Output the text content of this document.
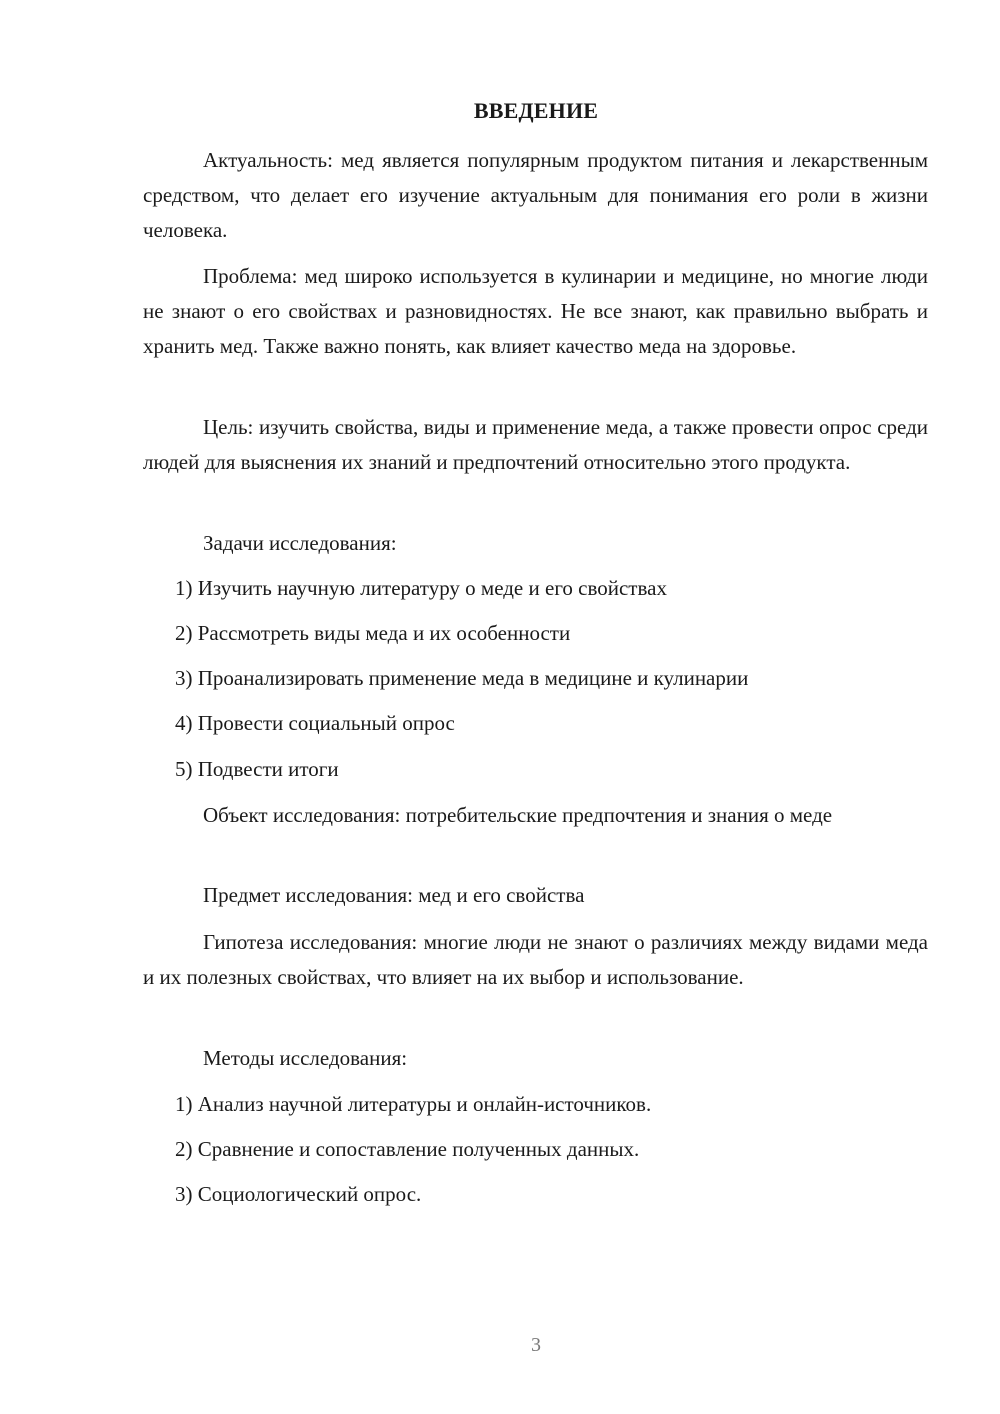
ВВЕДЕНИЕ

Актуальность: мед является популярным продуктом питания и лекарственным средством, что делает его изучение актуальным для понимания его роли в жизни человека.

Проблема: мед широко используется в кулинарии и медицине, но многие люди не знают о его свойствах и разновидностях. Не все знают, как правильно выбрать и хранить мед. Также важно понять, как влияет качество меда на здоровье.

Цель: изучить свойства, виды и применение меда, а также провести опрос среди людей для выяснения их знаний и предпочтений относительно этого продукта.

Задачи исследования:

1) Изучить научную литературу о меде и его свойствах

2) Рассмотреть виды меда и их особенности

3) Проанализировать применение меда в медицине и кулинарии

4) Провести социальный опрос

5) Подвести итоги

Объект исследования: потребительские предпочтения и знания о меде

Предмет исследования: мед и его свойства

Гипотеза исследования: многие люди не знают о различиях между видами меда и их полезных свойствах, что влияет на их выбор и использование.

Методы исследования:

1) Анализ научной литературы и онлайн-источников.

2) Сравнение и сопоставление полученных данных.

3) Социологический опрос.

3
